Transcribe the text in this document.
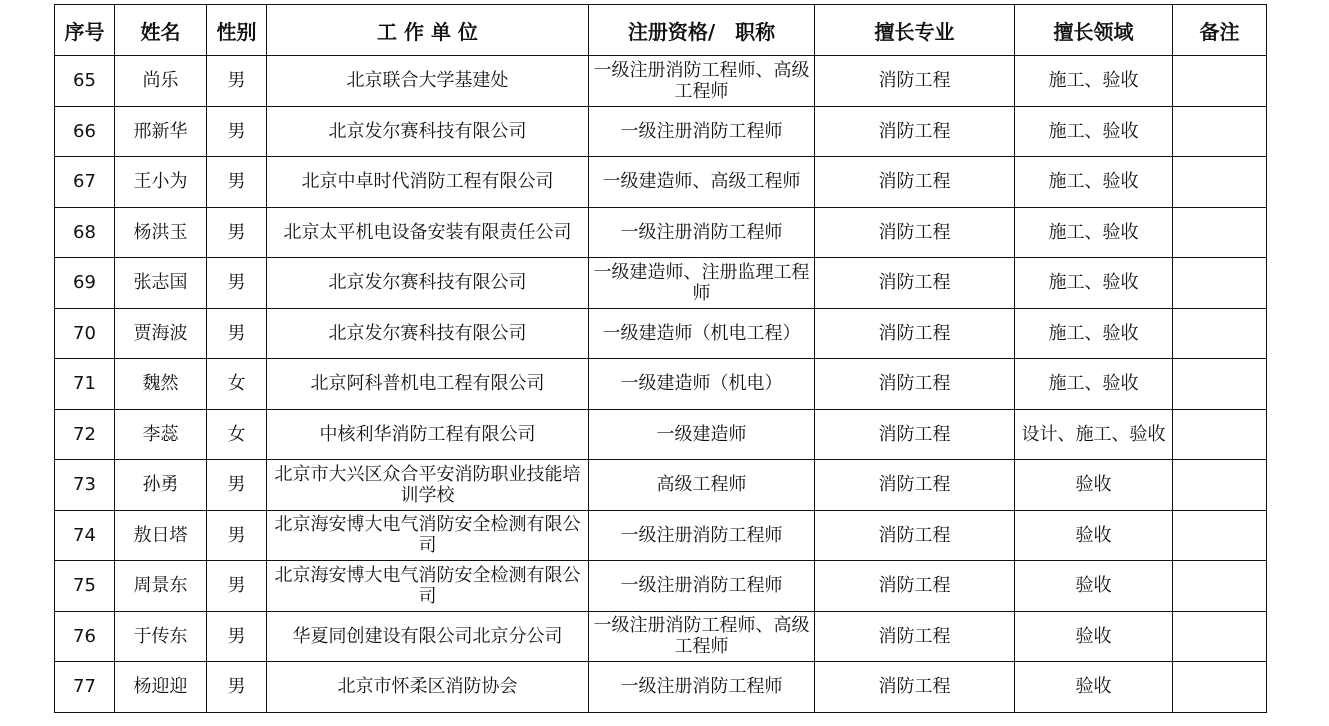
序号	姓名	性别	工 作 单 位	注册资格/　职称	擅长专业	擅长领域	备注
65	尚乐	男	北京联合大学基建处	一级注册消防工程师、高级工程师	消防工程	施工、验收	
66	邢新华	男	北京发尔赛科技有限公司	一级注册消防工程师	消防工程	施工、验收	
67	王小为	男	北京中卓时代消防工程有限公司	一级建造师、高级工程师	消防工程	施工、验收	
68	杨洪玉	男	北京太平机电设备安装有限责任公司	一级注册消防工程师	消防工程	施工、验收	
69	张志国	男	北京发尔赛科技有限公司	一级建造师、注册监理工程师	消防工程	施工、验收	
70	贾海波	男	北京发尔赛科技有限公司	一级建造师（机电工程）	消防工程	施工、验收	
71	魏然	女	北京阿科普机电工程有限公司	一级建造师（机电）	消防工程	施工、验收	
72	李蕊	女	中核利华消防工程有限公司	一级建造师	消防工程	设计、施工、验收	
73	孙勇	男	北京市大兴区众合平安消防职业技能培训学校	高级工程师	消防工程	验收	
74	敖日塔	男	北京海安博大电气消防安全检测有限公司	一级注册消防工程师	消防工程	验收	
75	周景东	男	北京海安博大电气消防安全检测有限公司	一级注册消防工程师	消防工程	验收	
76	于传东	男	华夏同创建设有限公司北京分公司	一级注册消防工程师、高级工程师	消防工程	验收	
77	杨迎迎	男	北京市怀柔区消防协会	一级注册消防工程师	消防工程	验收	
